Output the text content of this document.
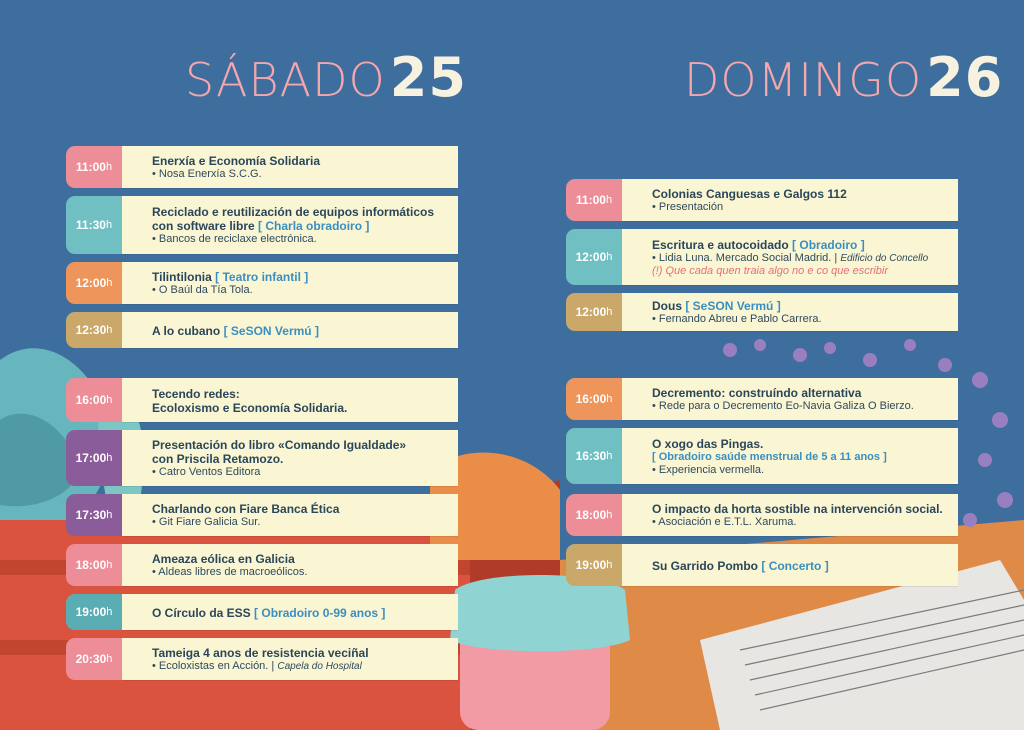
SÁBADO25	DOMINGO26
11:00 h	Enerxía e Economía Solidaria
• Nosa Enerxía S.C.G.
11:30 h
Reciclado e reutilización de equipos informáticos
con software libre [ Charla obradoiro ]
• Bancos de reciclaxe electrónica.
12:00 h	Tilintilonia [ Teatro infantil ]
• O Baúl da Tía Tola.
12:30 h	A lo cubano [ SeSON Vermú ]
16:00 h	Tecendo redes:
Ecoloxismo e Economía Solidaria.
17:00 h
Presentación do libro «Comando Igualdade»
con Priscila Retamozo.
• Catro Ventos Editora
17:30 h	Charlando con Fiare Banca Ética
• Git Fiare Galicia Sur.
18:00 h	Ameaza eólica en Galicia
• Aldeas libres de macroeólicos.
19:00 h	O Círculo da ESS [ Obradoiro 0-99 anos ]
20:30 h	Tameiga 4 anos de resistencia veciñal
• Ecoloxistas en Acción. | Capela do Hospital
11:00 h	Colonias Canguesas e Galgos 112
• Presentación
12:00 h
Escritura e autocoidado [ Obradoiro ]
• Lidia Luna. Mercado Social Madrid. | Edificio do Concello
(!) Que cada quen traia algo no e co que escribir
12:00 h	Dous [ SeSON Vermú ]
• Fernando Abreu e Pablo Carrera.
16:00 h	Decremento: construíndo alternativa
• Rede para o Decremento Eo-Navia Galiza O Bierzo.
16:30 h
O xogo das Pingas.
[ Obradoiro saúde menstrual de 5 a 11 anos ]
• Experiencia vermella.
18:00 h	O impacto da horta sostible na intervención social.
• Asociación e E.T.L. Xaruma.
19:00 h	Su Garrido Pombo [ Concerto ]
